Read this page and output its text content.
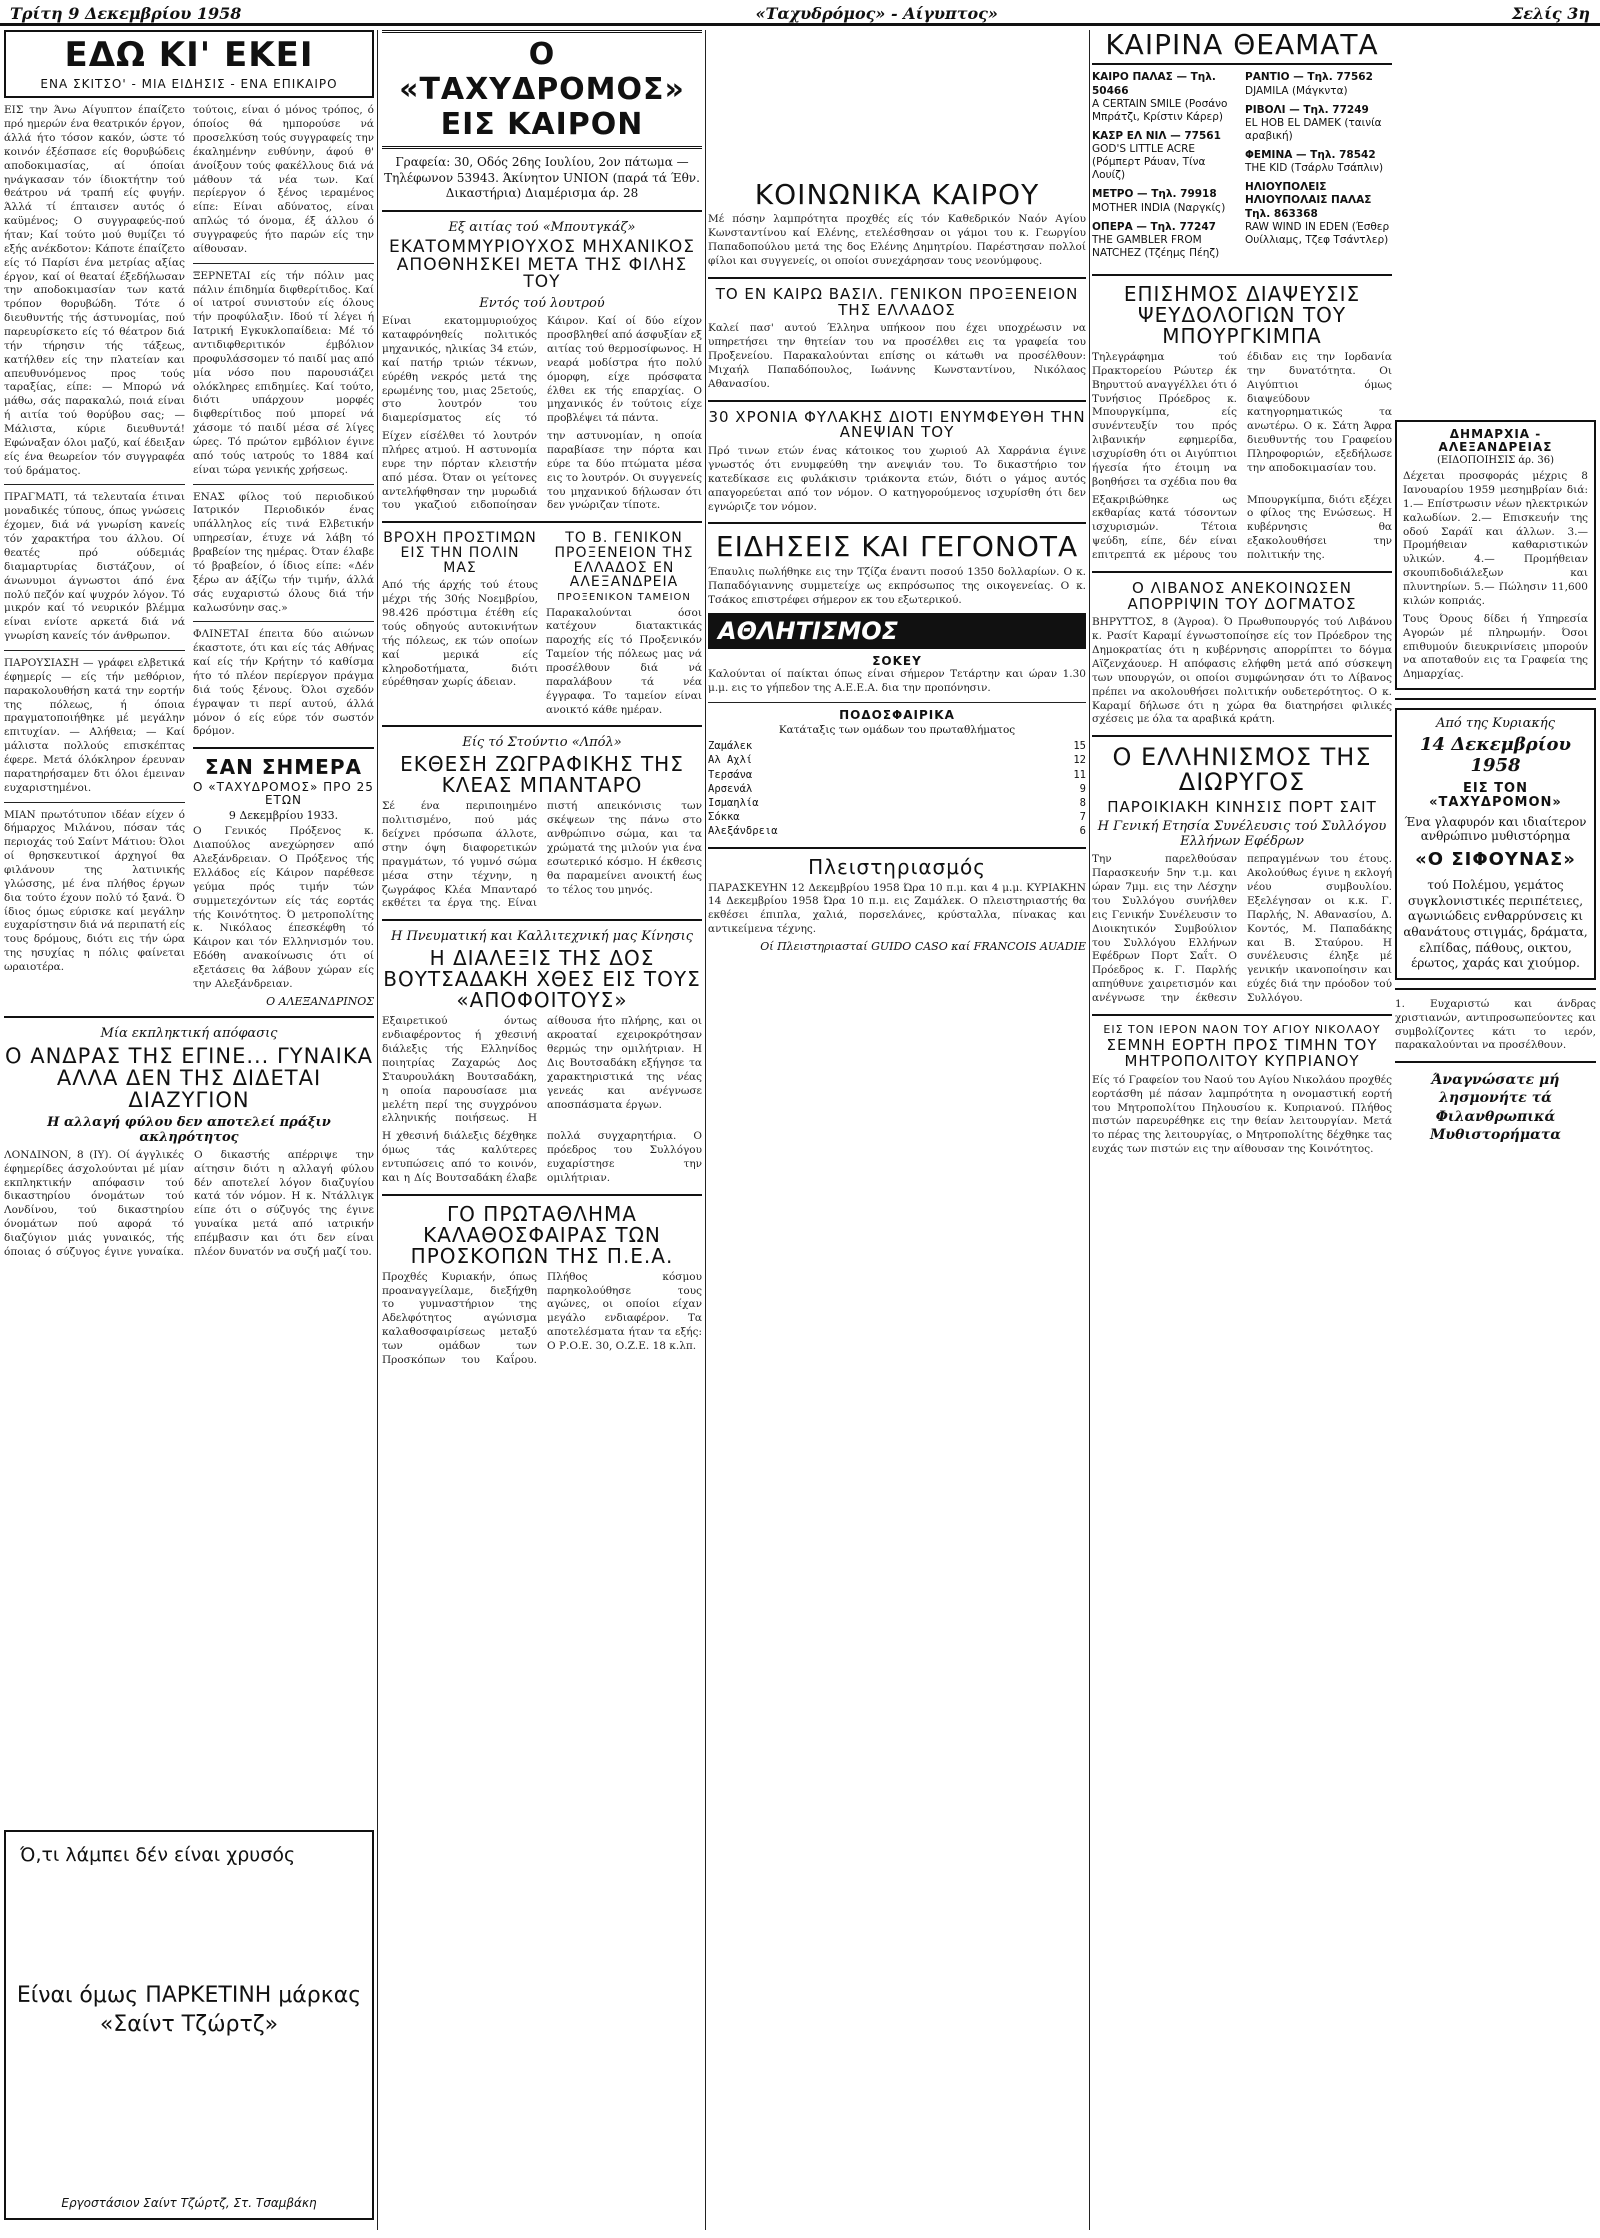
Τρίτη 9 Δεκεμβρίου 1958	«Ταχυδρόμος» - Αίγυπτος»	Σελίς 3η
ΕΔΩ ΚΙ' ΕΚΕΙ
ΕΝΑ ΣΚΙΤΣΟ' - ΜΙΑ ΕΙΔΗΣΙΣ - ΕΝΑ ΕΠΙΚΑΙΡΟ

ΕΙΣ την Άνω Αίγυπτον έπαίζετο πρό ημερών ένα θεατρικόν έργον, άλλά ήτο τόσον κακόν, ώστε τό κοινόν έξέσπασε είς θορυβώδεις αποδοκιμασίας, αί όποίαι ηνάγκασαν τόν ίδιοκτήτην τού θεάτρου νά τραπή είς φυγήν. Άλλά τί έπταισεν αυτός ό καϋμένος; Ο συγγραφεύς-πού ήταν; Καί τούτο μού θυμίζει τό εξής ανέκδοτον: Κάποτε έπαίζετο είς τό Παρίσι ένα μετρίας αξίας έργον, καί οί θεαταί έξεδήλωσαν την αποδοκιμασίαν των κατά τρόπον θορυβώδη. Τότε ό διευθυντής τής άστυνομίας, πού παρευρίσκετο είς τό θέατρον διά τήν τήρησιν τής τάξεως, κατήλθεν είς την πλατείαν και απευθυνόμενος προς τούς ταραξίας, είπε: — Μπορώ νά μάθω, σάς παρακαλώ, ποιά είναι ή αιτία τού θορύβου σας; — Μάλιστα, κύριε διευθυντά! Εφώναξαν όλοι μαζύ, καί έδειξαν είς ένα θεωρείον τόν συγγραφέα τού δράματος.

ΠΡΑΓΜΑΤΙ, τά τελευταία έτιναι μοναδικές τύπους, όπως γνώσεις έχομεν, διά νά γνωρίση κανείς τόν χαρακτήρα του άλλου. Οί θεατές πρό ούδεμιάς διαμαρτυρίας διστάζουν, οί άνωνυμοι άγνωστοι άπό ένα πολύ πεζόν καί ψυχρόν λόγον. Τό μικρόν καί τό νευρικόν βλέμμα είναι ενίοτε αρκετά διά νά γνωρίση κανείς τόν άνθρωπον.

ΠΑΡΟΥΣΙΑΣΗ — γράφει ελβετικά έφημερίς — είς τήν μεθόριον, παρακολουθήση κατά την εορτήν της πόλεως, ή όποια πραγματοποιήθηκε μέ μεγάλην επιτυχίαν. — Αλήθεια; — Καί μάλιστα πολλούς επισκέπτας έφερε. Μετά όλόκληρον έρευναν παρατηρήσαμεν δτι όλοι έμειναν ευχαριστημένοι.

ΜΙΑΝ πρωτότυπον ιδέαν είχεν ό δήμαρχος Μιλάνου, πόσαν τάς περιοχάς τού Σαίντ Μάτιου: Όλοι οί θρησκευτικοί άρχηγοί θα φιλάνουν της λατινικής γλώσσης, μέ ένα πλήθος έργων δια τούτο έχουν πολύ τό ξανά. Ό ίδιος όμως εύρισκε καί μεγάλην ευχαρίστησιν διά νά περιπατή είς τους δρόμους, διότι εις τήν ώρα της ησυχίας η πόλις φαίνεται ωραιοτέρα.

τούτοις, είναι ό μόνος τρόπος, ό όποίος θά ημπορούσε νά προσελκύση τούς συγγραφείς την έκαλημένην ευθύνην, άφού θ' άνοίξουν τούς φακέλλους διά νά μάθουν τά νέα των. Καί περίεργον ό ξένος ιεραμένος είπε: Είναι αδύνατος, είναι απλώς τό όνομα, έξ άλλου ό συγγραφεύς ήτο παρών είς την αίθουσαν.

ΞΕΡΝΕΤΑΙ είς τήν πόλιν μας πάλιν έπιδημία διφθερίτιδος. Καί οί ιατροί συνιστούν είς όλους τήν προφύλαξιν. Ιδού τί λέγει ή Ιατρική Εγκυκλοπαίδεια: Μέ τό αντιδιφθεριτικόν έμβόλιον προφυλάσσομεν τό παιδί μας από μία νόσο που παρουσιάζει ολόκληρες επιδημίες. Καί τούτο, διότι υπάρχουν μορφές διφθερίτιδος πού μπορεί νά χάσομε τό παιδί μέσα σέ λίγες ώρες. Τό πρώτον εμβόλιον έγινε από τούς ιατρούς το 1884 καί είναι τώρα γενικής χρήσεως.

ΕΝΑΣ φίλος τού περιοδικού Ιατρικόν Περιοδικόν ένας υπάλληλος είς τινά Ελβετικήν υπηρεσίαν, έτυχε νά λάβη τό βραβείον της ημέρας. Όταν έλαβε τό βραβείον, ό ίδιος είπε: «Δέν ξέρω αν άξίζω τήν τιμήν, άλλά σάς ευχαριστώ όλους διά τήν καλωσύνην σας.»

ΦΛΙΝΕΤΑΙ έπειτα δύο αιώνων έκαστοτε, ότι και είς τάς Αθήνας καί είς τήν Κρήτην τό καθίσμα ήτο τό πλέον περίεργον πράγμα διά τούς ξένους. Όλοι σχεδόν έγραψαν τι περί αυτού, άλλά μόνον ό είς εύρε τόν σωστόν δρόμον.

ΣΑΝ ΣΗΜΕΡΑ
Ο «ΤΑΧΥΔΡΟΜΟΣ» ΠΡΟ 25 ΕΤΩΝ
9 Δεκεμβρίου 1933.

Ο Γενικός Πρόξενος κ. Διαπούλος ανεχώρησεν από Αλεξάνδρειαν. Ο Πρόξενος τής Ελλάδος είς Κάιρον παρέθεσε γεύμα πρός τιμήν τών συμμετεχόντων είς τάς εορτάς τής Κοινότητος. Ό μετροπολίτης κ. Νικόλαος έπεσκέφθη τό Κάιρον και τόν Ελληνισμόν του. Εδόθη ανακοίνωσις ότι οί εξετάσεις θα λάβουν χώραν είς την Αλεξάνδρειαν.

Ο ΑΛΕΞΑΝΔΡΙΝΟΣ
Μία εκπληκτική απόφασις
Ο ΑΝΔΡΑΣ ΤΗΣ ΕΓΙΝΕ... ΓΥΝΑΙΚΑ ΑΛΛΑ ΔΕΝ ΤΗΣ ΔΙΔΕΤΑΙ ΔΙΑΖΥΓΙΟΝ
Η αλλαγή φύλου δεν αποτελεί πράξιν ακληρότητος

ΛΟΝΔΙΝΟΝ, 8 (ΙΥ). Οί άγγλικές έφημερίδες άσχολούνται μέ μίαν εκπληκτικήν απόφασιν τού δικαστηρίου όνομάτων τού Λονδίνου, τού δικαστηρίου όνομάτων πού αφορά τό διαζύγιον μιάς γυναικός, τής όποιας ό σύζυγος έγινε γυναίκα. Ο δικαστής απέρριψε την αίτησιν διότι η αλλαγή φύλου δέν αποτελεί λόγον διαζυγίου κατά τόν νόμον. Η κ. Ντάλλιγκ είπε ότι ο σύζυγός της έγινε γυναίκα μετά από ιατρικήν επέμβασιν και ότι δεν είναι πλέον δυνατόν να συζή μαζί του.

Ό,τι λάμπει δέν είναι χρυσός
Είναι όμως ΠΑΡΚΕΤΙΝΗ μάρκας «Σαίντ Τζώρτζ»
Εργοστάσιον Σαίντ Τζώρτζ, Στ. Τσαμβάκη
Ο «ΤΑΧΥΔΡΟΜΟΣ» ΕΙΣ ΚΑΙΡΟΝ
Γραφεία: 30, Οδός 26ης Ιουλίου, 2ον πάτωμα — Τηλέφωνον 53943. Άκίνητον UNION (παρά τά Έθν. Δικαστήρια) Διαμέρισμα άρ. 28
Εξ αιτίας τού «Μπουτγκάζ»
ΕΚΑΤΟΜΜΥΡΙΟΥΧΟΣ ΜΗΧΑΝΙΚΟΣ ΑΠΟΘΝΗΣΚΕΙ ΜΕΤΑ ΤΗΣ ΦΙΛΗΣ ΤΟΥ
Εντός τού λουτρού

Είναι εκατομμυριούχος καταφρόνηθείς πολιτικός μηχανικός, ηλικίας 34 ετών, καί πατήρ τριών τέκνων, εύρέθη νεκρός μετά της ερωμένης του, μιας 25ετούς, στο λουτρόν του διαμερίσματος είς τό Κάιρον. Καί οί δύο είχον προσβληθεί από άσφυξίαν εξ αιτίας τού θερμοσίφωνος. Η νεαρά μοδίστρα ήτο πολύ όμορφη, είχε πρόσφατα έλθει εκ τής επαρχίας. Ο μηχανικός έν τούτοις είχε προβλέψει τά πάντα.

Είχεν είσέλθει τό λουτρόν πλήρες ατμού. Η αστυνομία ευρε την πόρταν κλειστήν από μέσα. Όταν οι γείτονες αντελήφθησαν την μυρωδιά του γκαζιού ειδοποίησαν την αστυνομίαν, η οποία παραβίασε την πόρτα και εύρε τα δύο πτώματα μέσα εις το λουτρόν. Οι συγγενείς του μηχανικού δήλωσαν ότι δεν γνώριζαν τίποτε.

ΒΡΟΧΗ ΠΡΟΣΤΙΜΩΝ ΕΙΣ ΤΗΝ ΠΟΛΙΝ ΜΑΣ

Από τής άρχής τού έτους μέχρι τής 30ής Νοεμβρίου, 98.426 πρόστιμα έτέθη είς τούς οδηγούς αυτοκινήτων τής πόλεως, εκ τών οποίων καί μερικά είς κληροδοτήματα, διότι εύρέθησαν χωρίς άδειαν.

ΤΟ Β. ΓΕΝΙΚΟΝ ΠΡΟΞΕΝΕΙΟΝ ΤΗΣ ΕΛΛΑΔΟΣ ΕΝ ΑΛΕΞΑΝΔΡΕΙΑ
ΠΡΟΞΕΝΙΚΟΝ ΤΑΜΕΙΟΝ

Παρακαλούνται όσοι κατέχουν διατακτικάς παροχής είς τό Προξενικόν Ταμείον τής πόλεως μας νά προσέλθουν διά νά παραλάβουν τά νέα έγγραφα. Το ταμείον είναι ανοικτό κάθε ημέραν.

Είς τό Στούντιο «Λπόλ»
ΕΚΘΕΣΗ ΖΩΓΡΑΦΙΚΗΣ ΤΗΣ ΚΛΕΑΣ ΜΠΑΝΤΑΡΟ

Σέ ένα περιποιημένο πολιτισμένο, πού μάς δείχνει πρόσωπα άλλοτε, στην όψη διαφορετικών πραγμάτων, τό γυμνό σώμα μέσα στην τέχνην, η ζωγράφος Κλέα Μπανταρό εκθέτει τα έργα της. Είναι πιστή απεικόνισις των σκέψεων της πάνω στο ανθρώπινο σώμα, και τα χρώματά της μιλούν για ένα εσωτερικό κόσμο. Η έκθεσις θα παραμείνει ανοικτή έως το τέλος του μηνός.

Η Πνευματική και Καλλιτεχνική μας Κίνησις
Η ΔΙΑΛΕΞΙΣ ΤΗΣ ΔΟΣ ΒΟΥΤΣΑΔΑΚΗ ΧΘΕΣ ΕΙΣ ΤΟΥΣ «ΑΠΟΦΟΙΤΟΥΣ»

Εξαιρετικού όντως ενδιαφέροντος ή χθεσινή διάλεξις τής Ελληνίδος ποιητρίας Ζαχαρώς Δος Σταυρουλάκη Βουτσαδάκη, η οποία παρουσίασε μια μελέτη περί της συγχρόνου ελληνικής ποιήσεως. Η αίθουσα ήτο πλήρης, και οι ακροαταί εχειροκρότησαν θερμώς την ομιλήτριαν. Η Δις Βουτσαδάκη εξήγησε τα χαρακτηριστικά της νέας γενεάς και ανέγνωσε αποσπάσματα έργων.

Η χθεσινή διάλεξις δέχθηκε όμως τάς καλύτερες εντυπώσεις από το κοινόν, και η Δίς Βουτσαδάκη έλαβε πολλά συγχαρητήρια. Ο πρόεδρος του Συλλόγου ευχαρίστησε την ομιλήτριαν.

ΓΟ ΠΡΩΤΑΘΛΗΜΑ ΚΑΛΑΘΟΣΦΑΙΡΑΣ ΤΩΝ ΠΡΟΣΚΟΠΩΝ ΤΗΣ Π.Ε.Α.

Προχθές Κυριακήν, όπως προαναγγείλαμε, διεξήχθη το γυμναστήριον της Αδελφότητος αγώνισμα καλαθοσφαιρίσεως μεταξύ των ομάδων των Προσκόπων του Καΐρου. Πλήθος κόσμου παρηκολούθησε τους αγώνες, οι οποίοι είχαν μεγάλο ενδιαφέρον. Τα αποτελέσματα ήταν τα εξής: Ο Ρ.Ο.Ε. 30, Ο.Ζ.Ε. 18 κ.λπ.

ΚΟΙΝΩΝΙΚΑ ΚΑΙΡΟΥ

Μέ πόσην λαμπρότητα προχθές είς τόν Καθεδρικόν Ναόν Αγίου Κωνσταντίνου καί Ελένης, ετελέσθησαν οι γάμοι του κ. Γεωργίου Παπαδοπούλου μετά της δος Ελένης Δημητρίου. Παρέστησαν πολλοί φίλοι και συγγενείς, οι οποίοι συνεχάρησαν τους νεονύμφους.

ΤΟ ΕΝ ΚΑΙΡΩ ΒΑΣΙΛ. ΓΕΝΙΚΟΝ ΠΡΟΞΕΝΕΙΟΝ ΤΗΣ ΕΛΛΑΔΟΣ

Καλεί πασ' αυτού Έλληνα υπήκοον που έχει υποχρέωσιν να υπηρετήσει την θητείαν του να προσέλθει εις τα γραφεία του Προξενείου. Παρακαλούνται επίσης οι κάτωθι να προσέλθουν: Μιχαήλ Παπαδόπουλος, Ιωάννης Κωνσταντίνου, Νικόλαος Αθανασίου.

30 ΧΡΟΝΙΑ ΦΥΛΑΚΗΣ ΔΙΟΤΙ ΕΝΥΜΦΕΥΘΗ ΤΗΝ ΑΝΕΨΙΑΝ ΤΟΥ

Πρό τινων ετών ένας κάτοικος του χωριού Αλ Χαρράνια έγινε γνωστός ότι ενυμφεύθη την ανεψιάν του. Το δικαστήριο τον κατεδίκασε εις φυλάκισιν τριάκοντα ετών, διότι ο γάμος αυτός απαγορεύεται από τον νόμον. Ο κατηγορούμενος ισχυρίσθη ότι δεν εγνώριζε τον νόμον.

ΕΙΔΗΣΕΙΣ ΚΑΙ ΓΕΓΟΝΟΤΑ

Έπαυλις πωλήθηκε εις την Τζίζα έναντι ποσού 1350 δολλαρίων. Ο κ. Παπαδόγιαννης συμμετείχε ως εκπρόσωπος της οικογενείας. Ο κ. Τσάκος επιστρέφει σήμερον εκ του εξωτερικού.

ΑΘΛΗΤΙΣΜΟΣ
ΣΟΚΕΥ

Καλούνται οί παίκται όπως είναι σήμερον Τετάρτην και ώραν 1.30 μ.μ. εις το γήπεδον της Α.Ε.Ε.Α. δια την προπόνησιν.

ΠΟΔΟΣΦΑΙΡΙΚΑ
Κατάταξις των ομάδων του πρωταθλήματος
Ζαμάλεκ	15
Αλ Αχλί	12
Τερσάνα	11
Αρσενάλ	9
Ισμαηλία	8
Σόκκα	7
Αλεξάνδρεια	6
Πλειστηριασμός

ΠΑΡΑΣΚΕΥΗΝ 12 Δεκεμβρίου 1958 Ώρα 10 π.μ. και 4 μ.μ. ΚΥΡΙΑΚΗΝ 14 Δεκεμβρίου 1958 Ώρα 10 π.μ. εις Ζαμάλεκ. Ο πλειστηριαστής θα εκθέσει έπιπλα, χαλιά, πορσελάνες, κρύσταλλα, πίνακας και αντικείμενα τέχνης.

Οί Πλειστηριασταί GUIDO CASO καί FRANCOIS AUADIE
ΚΑΙΡΙΝΑ ΘΕΑΜΑΤΑ
ΚΑΙΡΟ ΠΑΛΑΣ — Τηλ. 50466
A CERTAIN SMILE (Ροσάνο Μπράτζι, Κρίστιν Κάρερ)
ΚΑΣΡ ΕΛ ΝΙΛ — 77561
GOD'S LITTLE ACRE (Ρόμπερτ Ράυαν, Τίνα Λουίζ)
ΜΕΤΡΟ — Τηλ. 79918
MOTHER INDIA (Ναργκίς)
ΟΠΕΡΑ — Τηλ. 77247
THE GAMBLER FROM NATCHEZ (Τζέημς Πέηζ)
ΡΑΝΤΙΟ — Τηλ. 77562
DJAMILA (Μάγκντα)
ΡΙΒΟΛΙ — Τηλ. 77249
EL HOB EL DAMEK (ταινία αραβική)
ΦΕΜΙΝΑ — Τηλ. 78542
THE KID (Τσάρλυ Τσάπλιν)
ΗΛΙΟΥΠΟΛΕΙΣ ΗΛΙΟΥΠΟΛΑΙΣ ΠΑΛΑΣ Τηλ. 863368
RAW WIND IN EDEN (Έσθερ Ουίλλιαμς, Τζεφ Τσάντλερ)
ΕΠΙΣΗΜΟΣ ΔΙΑΨΕΥΣΙΣ ΨΕΥΔΟΛΟΓΙΩΝ ΤΟΥ ΜΠΟΥΡΓΚΙΜΠΑ

Τηλεγράφημα τού Πρακτορείου Ρώυτερ έκ Βηρυττού αναγγέλλει ότι ό Τυνήσιος Πρόεδρος κ. Μπουργκίμπα, είς συνέντευξίν του πρός λιβανικήν εφημερίδα, ισχυρίσθη ότι οι Αιγύπτιοι ήγεσία ήτο έτοιμη να βοηθήσει τα σχέδια που θα έδιδαν εις την Ιορδανία την δυνατότητα. Οι Αιγύπτιοι όμως διαψεύδουν κατηγορηματικώς τα ανωτέρω. Ο κ. Σάτη Άφρα διευθυντής του Γραφείου Πληροφοριών, εξεδήλωσε την αποδοκιμασίαν του.

Εξακριβώθηκε ως εκθαρίας κατά τόσοντων ισχυρισμών. Τέτοια ψεύδη, είπε, δέν είναι επιτρεπτά εκ μέρους του Μπουργκίμπα, διότι εξέχει ο φίλος της Ενώσεως. Η κυβέρνησις θα εξακολουθήσει την πολιτικήν της.

Ο ΛΙΒΑΝΟΣ ΑΝΕΚΟΙΝΩΣΕΝ ΑΠΟΡΡΙΨΙΝ ΤΟΥ ΔΟΓΜΑΤΟΣ

ΒΗΡΥΤΤΟΣ, 8 (Άγροα). Ό Πρωθυπουργός τού Λιβάνου κ. Ρασίτ Καραμί έγνωστοποίησε είς τον Πρόεδρον της Δημοκρατίας ότι η κυβέρνησις απορρίπτει το δόγμα Αϊζενχάουερ. Η απόφασις ελήφθη μετά από σύσκεψη των υπουργών, οι οποίοι συμφώνησαν ότι το Λίβανος πρέπει να ακολουθήσει πολιτικήν ουδετερότητος. Ο κ. Καραμί δήλωσε ότι η χώρα θα διατηρήσει φιλικές σχέσεις με όλα τα αραβικά κράτη.

Ο ΕΛΛΗΝΙΣΜΟΣ ΤΗΣ ΔΙΩΡΥΓΟΣ
ΠΑΡΟΙΚΙΑΚΗ ΚΙΝΗΣΙΣ ΠΟΡΤ ΣΑΙΤ
Η Γενική Ετησία Συνέλευσις τού Συλλόγου Ελλήνων Εφέδρων

Την παρελθούσαν Παρασκευήν 5ην τ.μ. και ώραν 7μμ. εις την Λέσχην του Συλλόγου συνήλθεν εις Γενικήν Συνέλευσιν το Διοικητικόν Συμβούλιον του Συλλόγου Ελλήνων Εφέδρων Πορτ Σαΐτ. Ο Πρόεδρος κ. Γ. Παρλής απηύθυνε χαιρετισμόν και ανέγνωσε την έκθεσιν πεπραγμένων του έτους. Ακολούθως έγινε η εκλογή νέου συμβουλίου. Εξελέγησαν οι κ.κ. Γ. Παρλής, Ν. Αθανασίου, Δ. Κοντός, Μ. Παπαδάκης και Β. Σταύρου. Η συνέλευσις έληξε μέ γενικήν ικανοποίησιν και εύχές διά την πρόοδον τού Συλλόγου.

ΕΙΣ ΤΟΝ ΙΕΡΟΝ ΝΑΟΝ ΤΟΥ ΑΓΙΟΥ ΝΙΚΟΛΑΟΥ
ΣΕΜΝΗ ΕΟΡΤΗ ΠΡΟΣ ΤΙΜΗΝ ΤΟΥ ΜΗΤΡΟΠΟΛΙΤΟΥ ΚΥΠΡΙΑΝΟΥ

Είς τό Γραφείον του Ναού του Αγίου Νικολάου προχθές εορτάσθη μέ πάσαν λαμπρότητα η ονομαστική εορτή του Μητροπολίτου Πηλουσίου κ. Κυπριανού. Πλήθος πιστών παρευρέθηκε εις την θείαν λειτουργίαν. Μετά το πέρας της λειτουργίας, ο Μητροπολίτης δέχθηκε τας ευχάς των πιστών εις την αίθουσαν της Κοινότητος.

ΔΗΜΑΡΧΙΑ - ΑΛΕΞΑΝΔΡΕΙΑΣ
(ΕΙΔΟΠΟΙΗΣΙΣ άρ. 36)

Δέχεται προσφοράς μέχρις 8 Ιανουαρίου 1959 μεσημβρίαν διά: 1.— Επίστρωσιν νέων ηλεκτρικών καλωδίων. 2.— Επισκευήν της οδού Σαράϊ και άλλων. 3.— Προμήθειαν καθαριστικών υλικών. 4.— Προμήθειαν σκουπιδοδιάλεξων και πλυντηρίων. 5.— Πώλησιν 11,600 κιλών κοπριάς.

Τους Όρους δίδει ή Υπηρεσία Αγορών μέ πληρωμήν. Όσοι επιθυμούν διευκρινίσεις μπορούν να αποταθούν εις τα Γραφεία της Δημαρχίας.

Από της Κυριακής
14 Δεκεμβρίου 1958
ΕΙΣ ΤΟΝ «ΤΑΧΥΔΡΟΜΟΝ»
Ένα γλαφυρόν και ιδιαίτερον ανθρώπινο μυθιστόρημα
«Ο ΣΙΦΟΥΝΑΣ»
τού Πολέμου, γεμάτος συγκλονιστικές περιπέτειες, αγωνιώδεις ενθαρρύνσεις κι αθανάτους στιγμάς, δράματα, ελπίδας, πάθους, οικτου, έρωτος, χαράς και χιούμορ.

1. Ευχαριστώ και άνδρας χριστιανών, αντιπροσωπεύοντες και συμβολίζοντες κάτι το ιερόν, παρακαλούνται να προσέλθουν.

Άναγνώσατε μή λησμονήτε τά Φιλανθρωπικά Μυθιστορήματα
